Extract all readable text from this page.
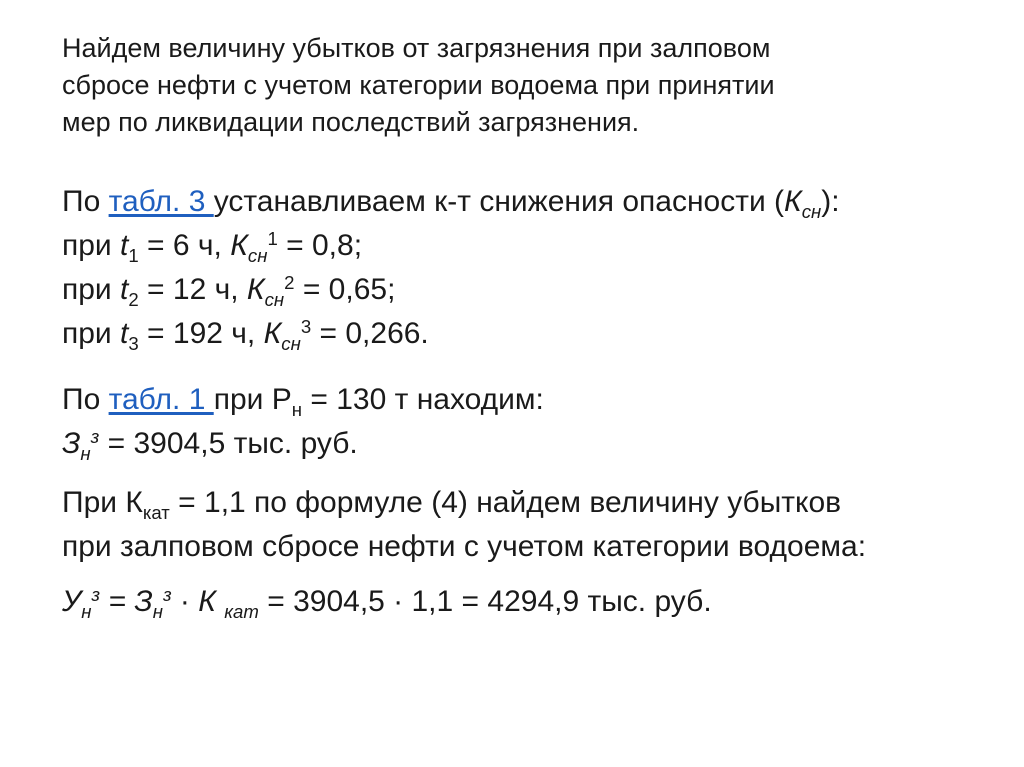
Найдем величину убытков от загрязнения при залповом
сбросе нефти с учетом категории водоема при принятии
мер по ликвидации последствий загрязнения.
По табл. 3 устанавливаем к-т снижения опасности $(К_{сн})$:
при $t_1 = 6$ ч, $К_{сн}^1 = 0,8$;
при $t_2 = 12$ ч, $К_{сн}^2 = 0,65$;
при $t_3 = 192$ ч, $К_{сн}^3 = 0,266$.
По табл. 1 при $Р_н = 130$ т находим:
$З_н^з = 3904,5$ тыс. руб.
При $К_{кат} = 1,1$ по формуле (4) найдем величину убытков
при залповом сбросе нефти с учетом категории водоема:
$У_н^з = З_н^з \cdot К$ $_{кат}$ = 3904,5 · 1,1 = 4294,9 тыс. руб.
